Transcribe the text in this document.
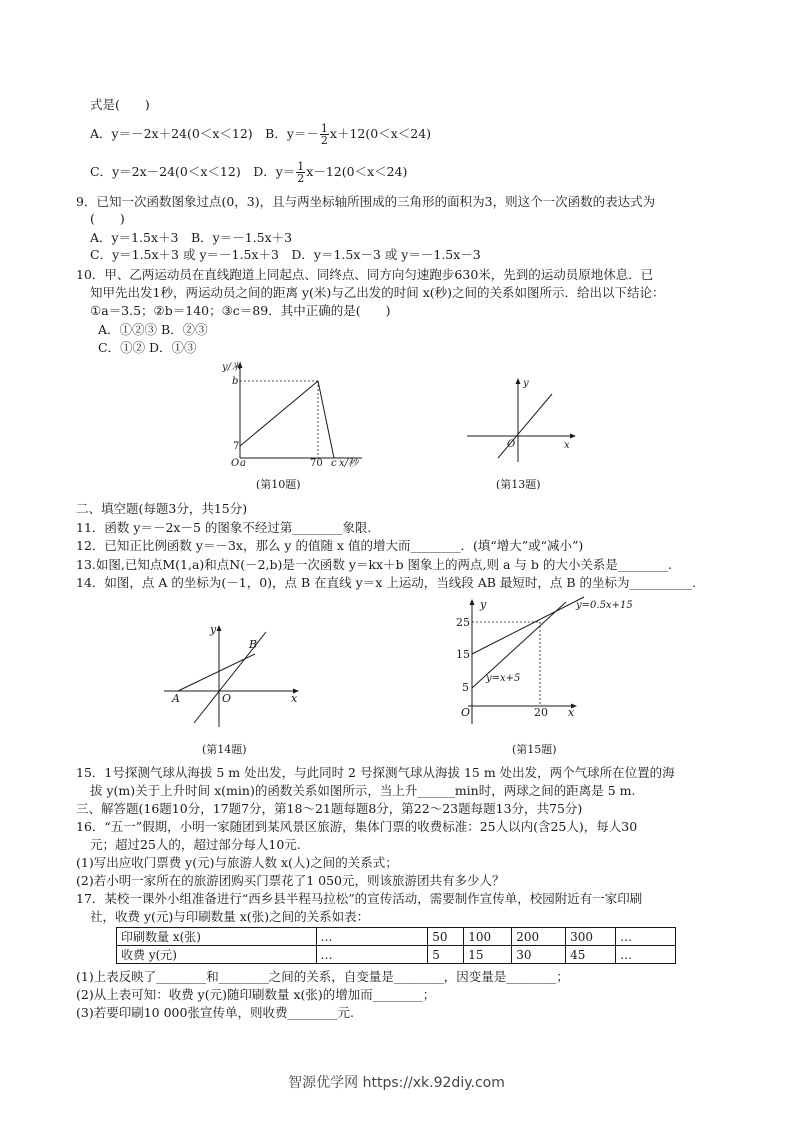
式是(　　)
A．y＝－2x＋24(0＜x＜12)　B．$y=- \frac{1}{2} x+12(0<x<24)$
C．y＝2x－24(0＜x＜12)　D．$y= \frac{1}{2} x-12(0<x<24)$
9．已知一次函数图象过点(0，3)，且与两坐标轴所围成的三角形的面积为3，则这个一次函数的表达式为
(　　)
A．y＝1.5x＋3　B．y＝－1.5x＋3
C．y＝1.5x＋3 或 y＝－1.5x＋3　D．y＝1.5x－3 或 y＝－1.5x－3
10．甲、乙两运动员在直线跑道上同起点、同终点、同方向匀速跑步630米，先到的运动员原地休息．已
知甲先出发1秒，两运动员之间的距离 y(米)与乙出发的时间 x(秒)之间的关系如图所示．给出以下结论：
①a＝3.5；②b＝140；③c＝89．其中正确的是(　　)
A．①②③ B．②③
C．①② D．①③
y/米
b
7
O a	70 c x/秒
(第10题)
y
x
O
(第13题)
二、填空题(每题3分，共15分)
11．函数 y＝－2x－5 的图象不经过第________象限.
12．已知正比例函数 y＝－3x，那么 y 的值随 x 值的增大而________．(填“增大”或“减小”)
13.如图,已知点M(1,a)和点N(－2,b)是一次函数 y＝kx＋b 图象上的两点,则 a 与 b 的大小关系是________.
14．如图，点 A 的坐标为(－1，0)，点 B 在直线 y＝x 上运动，当线段 AB 最短时，点 B 的坐标为__________.
y
x
O
A
B
(第14题)
y
x
O
25
15
5
20
y=0.5x+15
y=x+5
(第15题)
15．1号探测气球从海拔 5 m 处出发，与此同时 2 号探测气球从海拔 15 m 处出发，两个气球所在位置的海
拔 y(m)关于上升时间 x(min)的函数关系如图所示，当上升______min时，两球之间的距离是 5 m.
三、解答题(16题10分，17题7分，第18～21题每题8分，第22～23题每题13分，共75分)
16．“五一”假期，小明一家随团到某风景区旅游，集体门票的收费标准：25人以内(含25人)，每人30
元；超过25人的，超过部分每人10元.
(1)写出应收门票费 y(元)与旅游人数 x(人)之间的关系式；
(2)若小明一家所在的旅游团购买门票花了1 050元，则该旅游团共有多少人？
17．某校一课外小组准备进行“西乡县半程马拉松”的宣传活动，需要制作宣传单，校园附近有一家印刷
社，收费 y(元)与印刷数量 x(张)之间的关系如表：
印刷数量 x(张)	…	50	100	200	300	…
收费 y(元)	…	5	15	30	45	…
(1)上表反映了________和________之间的关系，自变量是________，因变量是________；
(2)从上表可知：收费 y(元)随印刷数量 x(张)的增加而________；
(3)若要印刷10 000张宣传单，则收费________元.
智源优学网 https://xk.92diy.com
